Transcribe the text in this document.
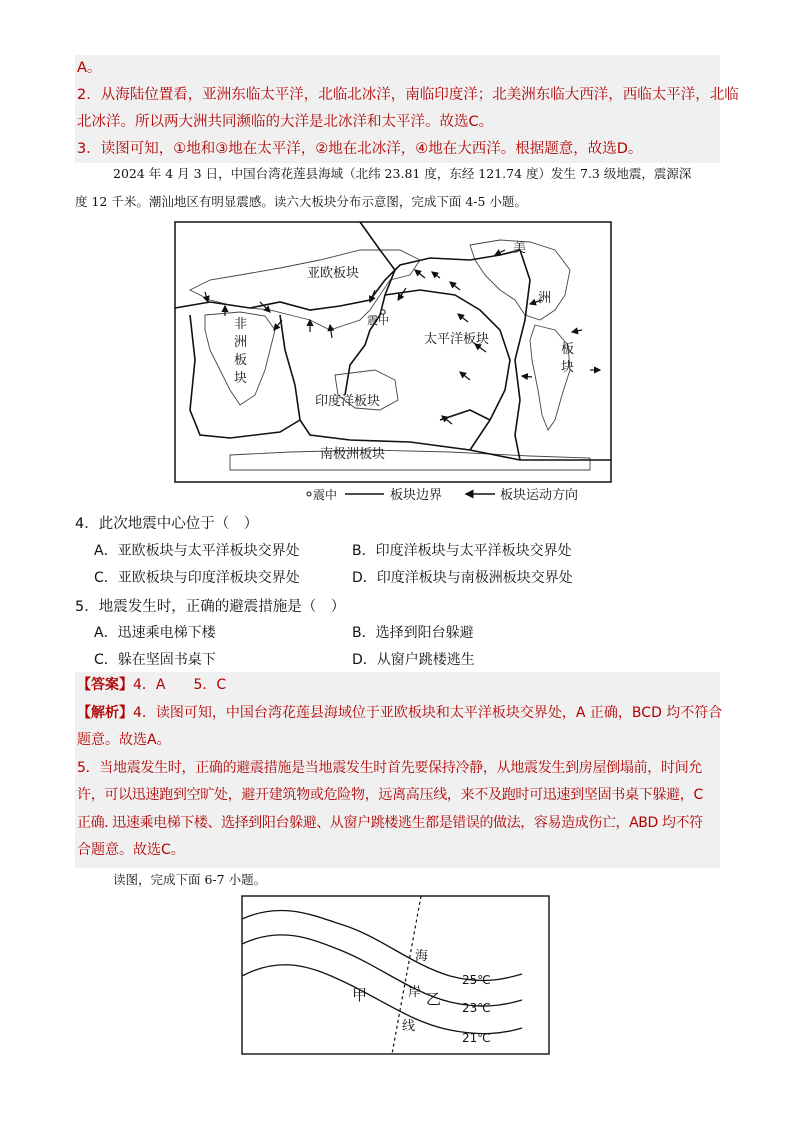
A。

2．从海陆位置看，亚洲东临太平洋，北临北冰洋，南临印度洋；北美洲东临大西洋，西临太平洋，北临

北冰洋。所以两大洲共同濒临的大洋是北冰洋和太平洋。故选C。

3．读图可知，①地和③地在太平洋，②地在北冰洋，④地在大西洋。根据题意，故选D。

2024 年 4 月 3 日，中国台湾花莲县海域（北纬 23.81 度，东经 121.74 度）发生 7.3 级地震，震源深
度 12 千米。潮汕地区有明显震感。读六大板块分布示意图，完成下面 4-5 小题。
亚欧板块
非
洲
板
块
震中
太平洋板块
美
洲
板
块
印度洋板块
南极洲板块
震中	板块边界	板块运动方向
4．此次地震中心位于（　）
A．亚欧板块与太平洋板块交界处	B．印度洋板块与太平洋板块交界处
C．亚欧板块与印度洋板块交界处	D．印度洋板块与南极洲板块交界处
5．地震发生时，正确的避震措施是（　）
A．迅速乘电梯下楼	B．选择到阳台躲避
C．躲在坚固书桌下	D．从窗户跳楼逃生

【答案】4．A　　5．C

【解析】4．读图可知，中国台湾花莲县海域位于亚欧板块和太平洋板块交界处，A 正确，BCD 均不符合

题意。故选A。

5．当地震发生时，正确的避震措施是当地震发生时首先要保持冷静，从地震发生到房屋倒塌前，时间允

许，可以迅速跑到空旷处，避开建筑物或危险物，远离高压线，来不及跑时可迅速到坚固书桌下躲避，C

正确. 迅速乘电梯下楼、选择到阳台躲避、从窗户跳楼逃生都是错误的做法，容易造成伤亡，ABD 均不符

合题意。故选C。

读图，完成下面 6-7 小题。
甲	乙
海
岸
线
25℃
23℃
21℃
